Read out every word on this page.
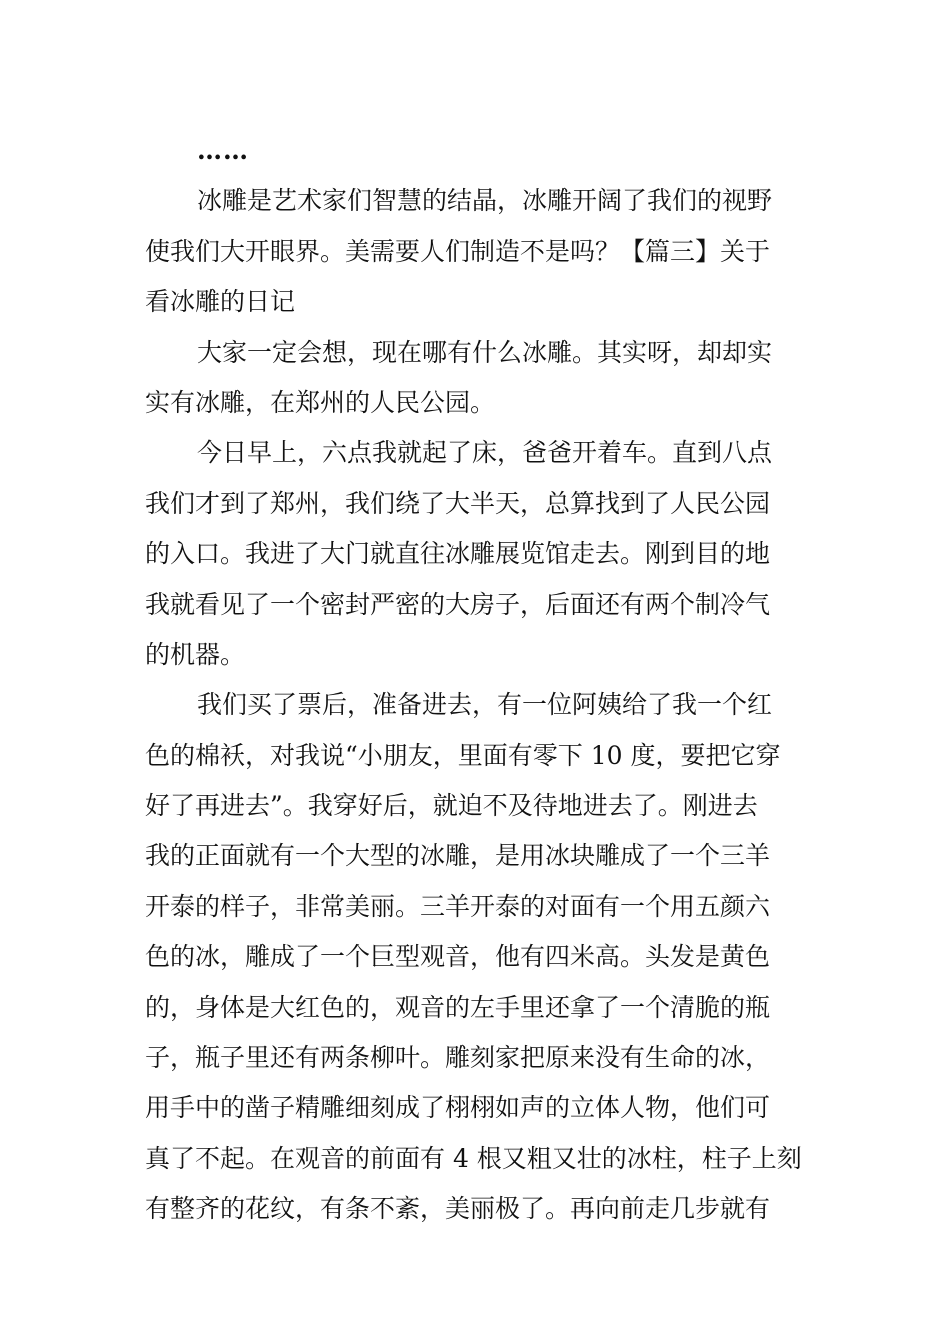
……
冰雕是艺术家们智慧的结晶，冰雕开阔了我们的视野
使我们大开眼界。美需要人们制造不是吗？【篇三】关于
看冰雕的日记
大家一定会想，现在哪有什么冰雕。其实呀，却却实
实有冰雕，在郑州的人民公园。
今日早上，六点我就起了床，爸爸开着车。直到八点
我们才到了郑州，我们绕了大半天，总算找到了人民公园
的入口。我进了大门就直往冰雕展览馆走去。刚到目的地
我就看见了一个密封严密的大房子，后面还有两个制冷气
的机器。
我们买了票后，准备进去，有一位阿姨给了我一个红
色的棉袄，对我说“小朋友，里面有零下 10 度，要把它穿
好了再进去”。我穿好后，就迫不及待地进去了。刚进去
我的正面就有一个大型的冰雕，是用冰块雕成了一个三羊
开泰的样子，非常美丽。三羊开泰的对面有一个用五颜六
色的冰，雕成了一个巨型观音，他有四米高。头发是黄色
的，身体是大红色的，观音的左手里还拿了一个清脆的瓶
子，瓶子里还有两条柳叶。雕刻家把原来没有生命的冰，
用手中的凿子精雕细刻成了栩栩如声的立体人物，他们可
真了不起。在观音的前面有 4 根又粗又壮的冰柱，柱子上刻
有整齐的花纹，有条不紊，美丽极了。再向前走几步就有
